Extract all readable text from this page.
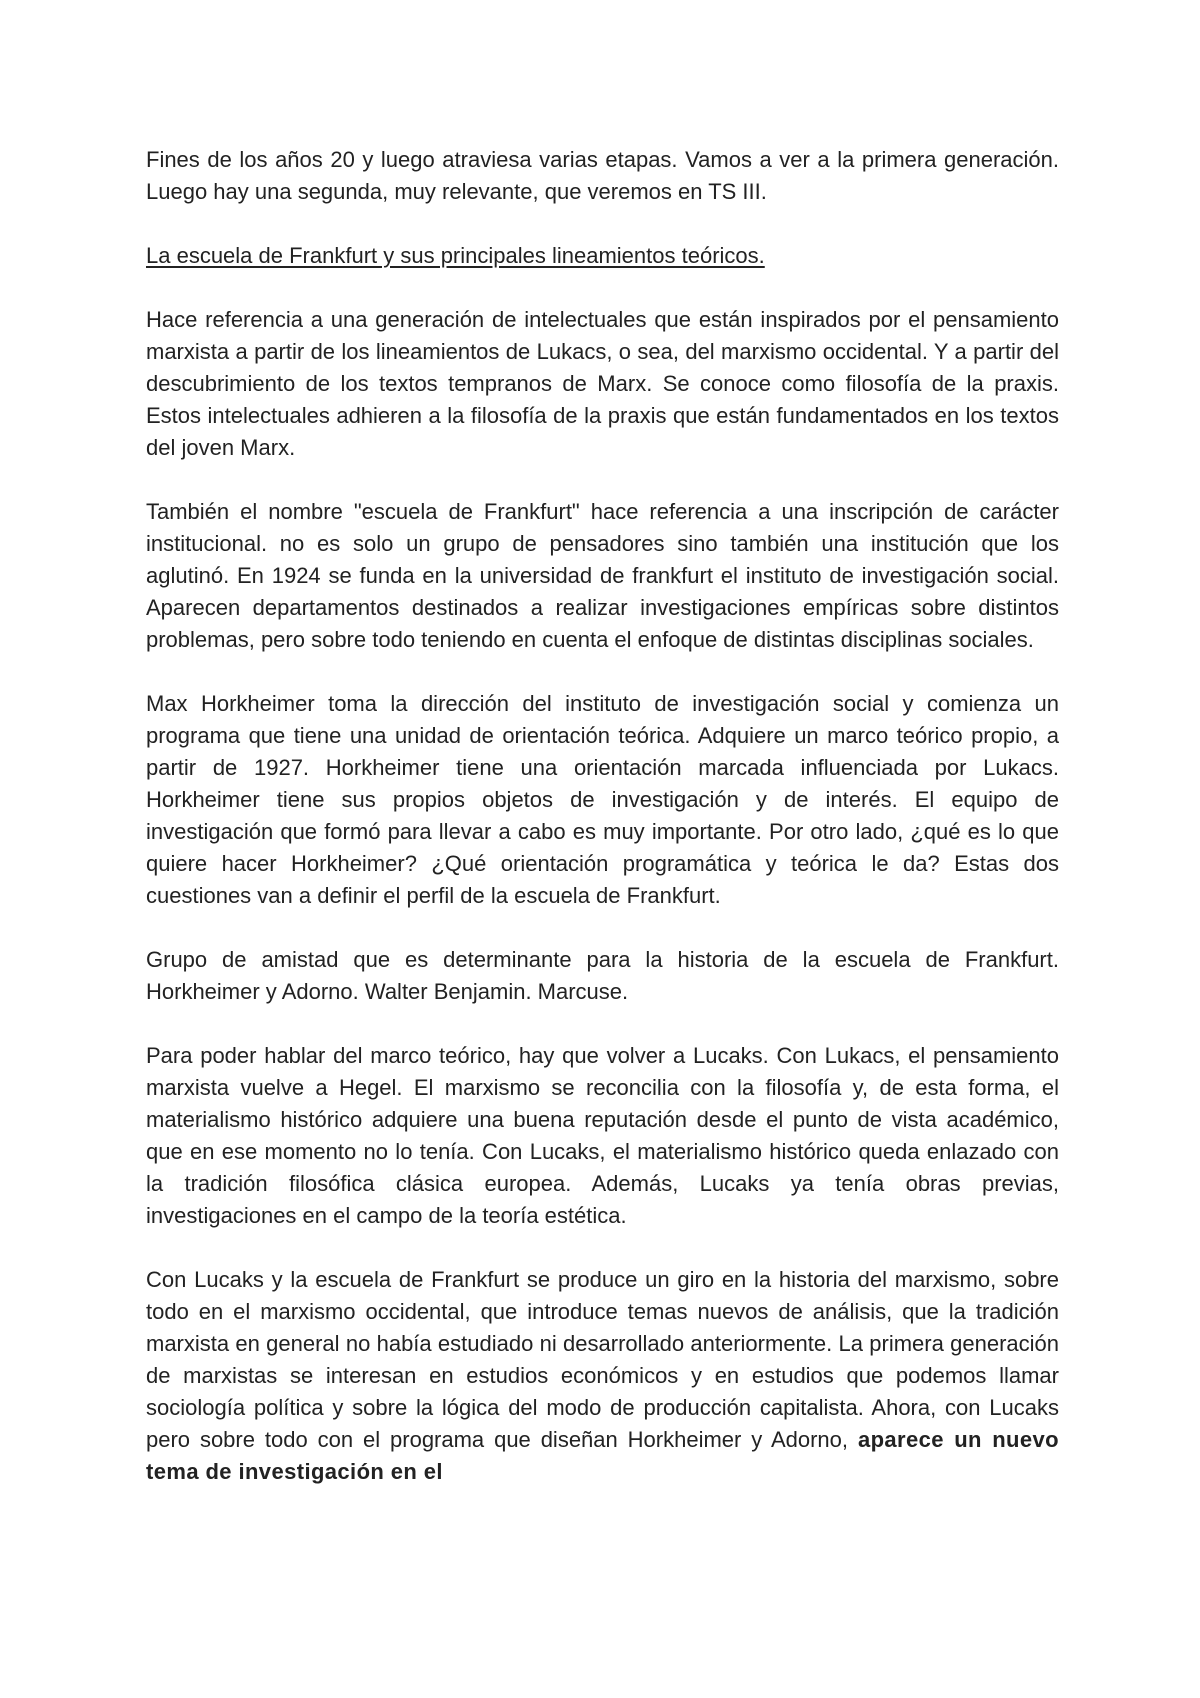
Fines de los años 20 y luego atraviesa varias etapas. Vamos a ver a la primera generación. Luego hay una segunda, muy relevante, que veremos en TS III.

La escuela de Frankfurt y sus principales lineamientos teóricos.

Hace referencia a una generación de intelectuales que están inspirados por el pensamiento marxista a partir de los lineamientos de Lukacs, o sea, del marxismo occidental. Y a partir del descubrimiento de los textos tempranos de Marx. Se conoce como filosofía de la praxis. Estos intelectuales adhieren a la filosofía de la praxis que están fundamentados en los textos del joven Marx.

También el nombre "escuela de Frankfurt" hace referencia a una inscripción de carácter institucional. no es solo un grupo de pensadores sino también una institución que los aglutinó. En 1924 se funda en la universidad de frankfurt el instituto de investigación social. Aparecen departamentos destinados a realizar investigaciones empíricas sobre distintos problemas, pero sobre todo teniendo en cuenta el enfoque de distintas disciplinas sociales.

Max Horkheimer toma la dirección del instituto de investigación social y comienza un programa que tiene una unidad de orientación teórica. Adquiere un marco teórico propio, a partir de 1927. Horkheimer tiene una orientación marcada influenciada por Lukacs. Horkheimer tiene sus propios objetos de investigación y de interés. El equipo de investigación que formó para llevar a cabo es muy importante. Por otro lado, ¿qué es lo que quiere hacer Horkheimer? ¿Qué orientación programática y teórica le da? Estas dos cuestiones van a definir el perfil de la escuela de Frankfurt.

Grupo de amistad que es determinante para la historia de la escuela de Frankfurt. Horkheimer y Adorno. Walter Benjamin. Marcuse.

Para poder hablar del marco teórico, hay que volver a Lucaks. Con Lukacs, el pensamiento marxista vuelve a Hegel. El marxismo se reconcilia con la filosofía y, de esta forma, el materialismo histórico adquiere una buena reputación desde el punto de vista académico, que en ese momento no lo tenía. Con Lucaks, el materialismo histórico queda enlazado con la tradición filosófica clásica europea. Además, Lucaks ya tenía obras previas, investigaciones en el campo de la teoría estética.

Con Lucaks y la escuela de Frankfurt se produce un giro en la historia del marxismo, sobre todo en el marxismo occidental, que introduce temas nuevos de análisis, que la tradición marxista en general no había estudiado ni desarrollado anteriormente. La primera generación de marxistas se interesan en estudios económicos y en estudios que podemos llamar sociología política y sobre la lógica del modo de producción capitalista. Ahora, con Lucaks pero sobre todo con el programa que diseñan Horkheimer y Adorno, aparece un nuevo tema de investigación en el
